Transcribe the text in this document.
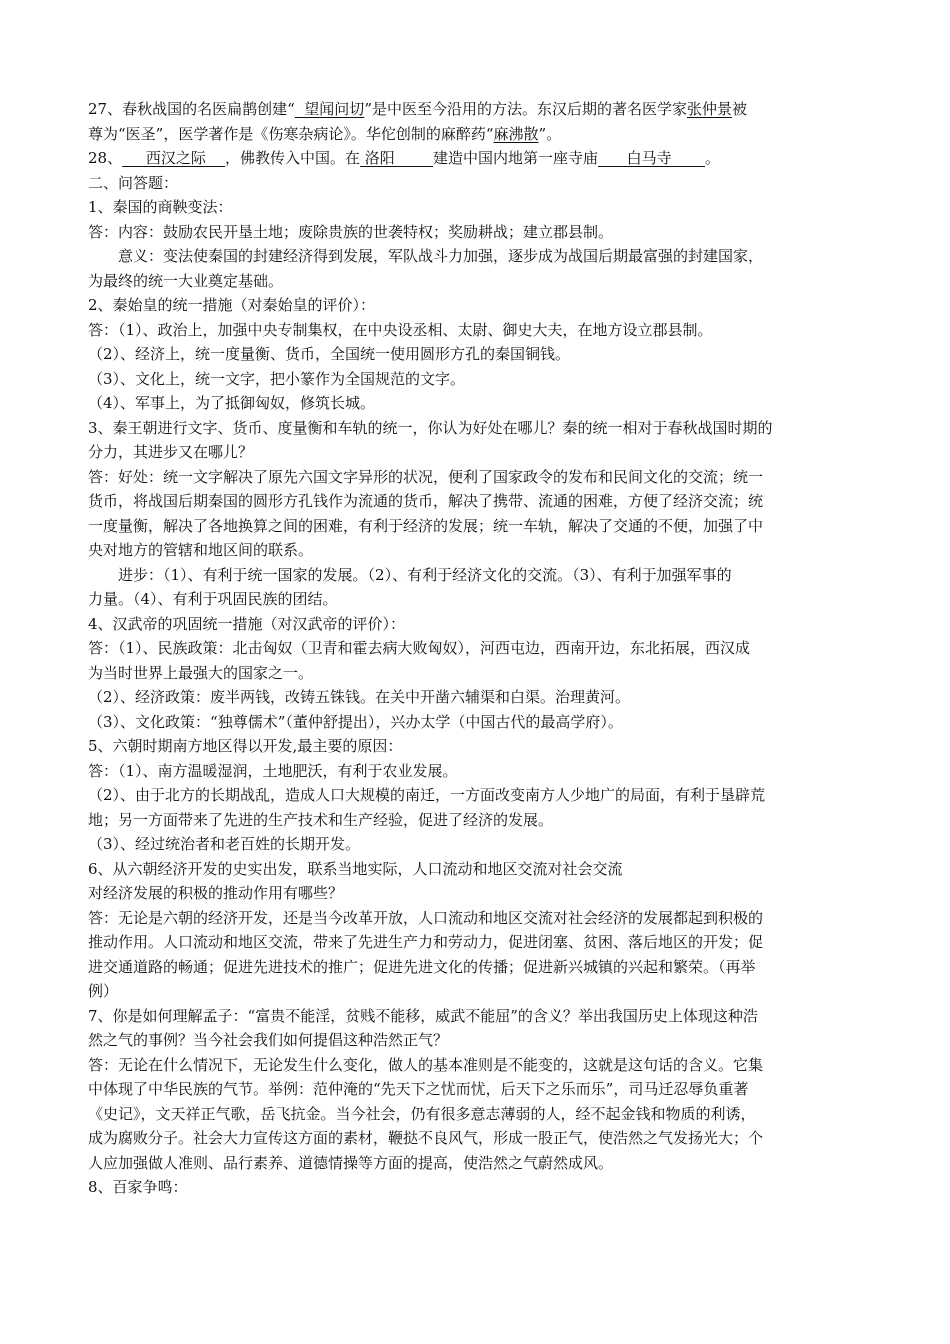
27、春秋战国的名医扁鹊创建“  望闻问切”是中医至今沿用的方法。东汉后期的著名医学家张仲景被
尊为“医圣”，医学著作是《伤寒杂病论》。华佗创制的麻醉药“麻沸散”。
28、     西汉之际    ，佛教传入中国。在 洛阳        建造中国内地第一座寺庙      白马寺       。
二、问答题：
1、秦国的商鞅变法：
答：内容：鼓励农民开垦土地；废除贵族的世袭特权；奖励耕战；建立郡县制。
意义：变法使秦国的封建经济得到发展，军队战斗力加强，逐步成为战国后期最富强的封建国家，
为最终的统一大业奠定基础。
2、秦始皇的统一措施（对秦始皇的评价）：
答：（1）、政治上，加强中央专制集权，在中央设丞相、太尉、御史大夫，在地方设立郡县制。
（2）、经济上，统一度量衡、货币，全国统一使用圆形方孔的秦国铜钱。
（3）、文化上，统一文字，把小篆作为全国规范的文字。
（4）、军事上，为了抵御匈奴，修筑长城。
3、秦王朝进行文字、货币、度量衡和车轨的统一，你认为好处在哪儿？秦的统一相对于春秋战国时期的
分力，其进步又在哪儿？
答：好处：统一文字解决了原先六国文字异形的状况，便利了国家政令的发布和民间文化的交流；统一
货币，将战国后期秦国的圆形方孔钱作为流通的货币，解决了携带、流通的困难，方便了经济交流；统
一度量衡，解决了各地换算之间的困难，有利于经济的发展；统一车轨，解决了交通的不便，加强了中
央对地方的管辖和地区间的联系。
进步：（1）、有利于统一国家的发展。（2）、有利于经济文化的交流。（3）、有利于加强军事的
力量。（4）、有利于巩固民族的团结。
4、汉武帝的巩固统一措施（对汉武帝的评价）：
答：（1）、民族政策：北击匈奴（卫青和霍去病大败匈奴），河西屯边，西南开边，东北拓展，西汉成
为当时世界上最强大的国家之一。
（2）、经济政策：废半两钱，改铸五铢钱。在关中开凿六辅渠和白渠。治理黄河。
（3）、文化政策：“独尊儒术”（董仲舒提出），兴办太学（中国古代的最高学府）。
5、六朝时期南方地区得以开发,最主要的原因：
答：（1）、南方温暖湿润，土地肥沃，有利于农业发展。
（2）、由于北方的长期战乱，造成人口大规模的南迁，一方面改变南方人少地广的局面，有利于垦辟荒
地；另一方面带来了先进的生产技术和生产经验，促进了经济的发展。
（3）、经过统治者和老百姓的长期开发。
6、从六朝经济开发的史实出发，联系当地实际，人口流动和地区交流对社会交流
对经济发展的积极的推动作用有哪些？
答：无论是六朝的经济开发，还是当今改革开放，人口流动和地区交流对社会经济的发展都起到积极的
推动作用。人口流动和地区交流，带来了先进生产力和劳动力，促进闭塞、贫困、落后地区的开发；促
进交通道路的畅通；促进先进技术的推广；促进先进文化的传播；促进新兴城镇的兴起和繁荣。（再举
例）
7、你是如何理解孟子：“富贵不能淫，贫贱不能移，威武不能屈”的含义？举出我国历史上体现这种浩
然之气的事例？当今社会我们如何提倡这种浩然正气？
答：无论在什么情况下，无论发生什么变化，做人的基本准则是不能变的，这就是这句话的含义。它集
中体现了中华民族的气节。举例：范仲淹的“先天下之忧而忧，后天下之乐而乐”，司马迁忍辱负重著
《史记》，文天祥正气歌，岳飞抗金。当今社会，仍有很多意志薄弱的人，经不起金钱和物质的利诱，
成为腐败分子。社会大力宣传这方面的素材，鞭挞不良风气，形成一股正气，使浩然之气发扬光大；个
人应加强做人准则、品行素养、道德情操等方面的提高，使浩然之气蔚然成风。
8、百家争鸣：
